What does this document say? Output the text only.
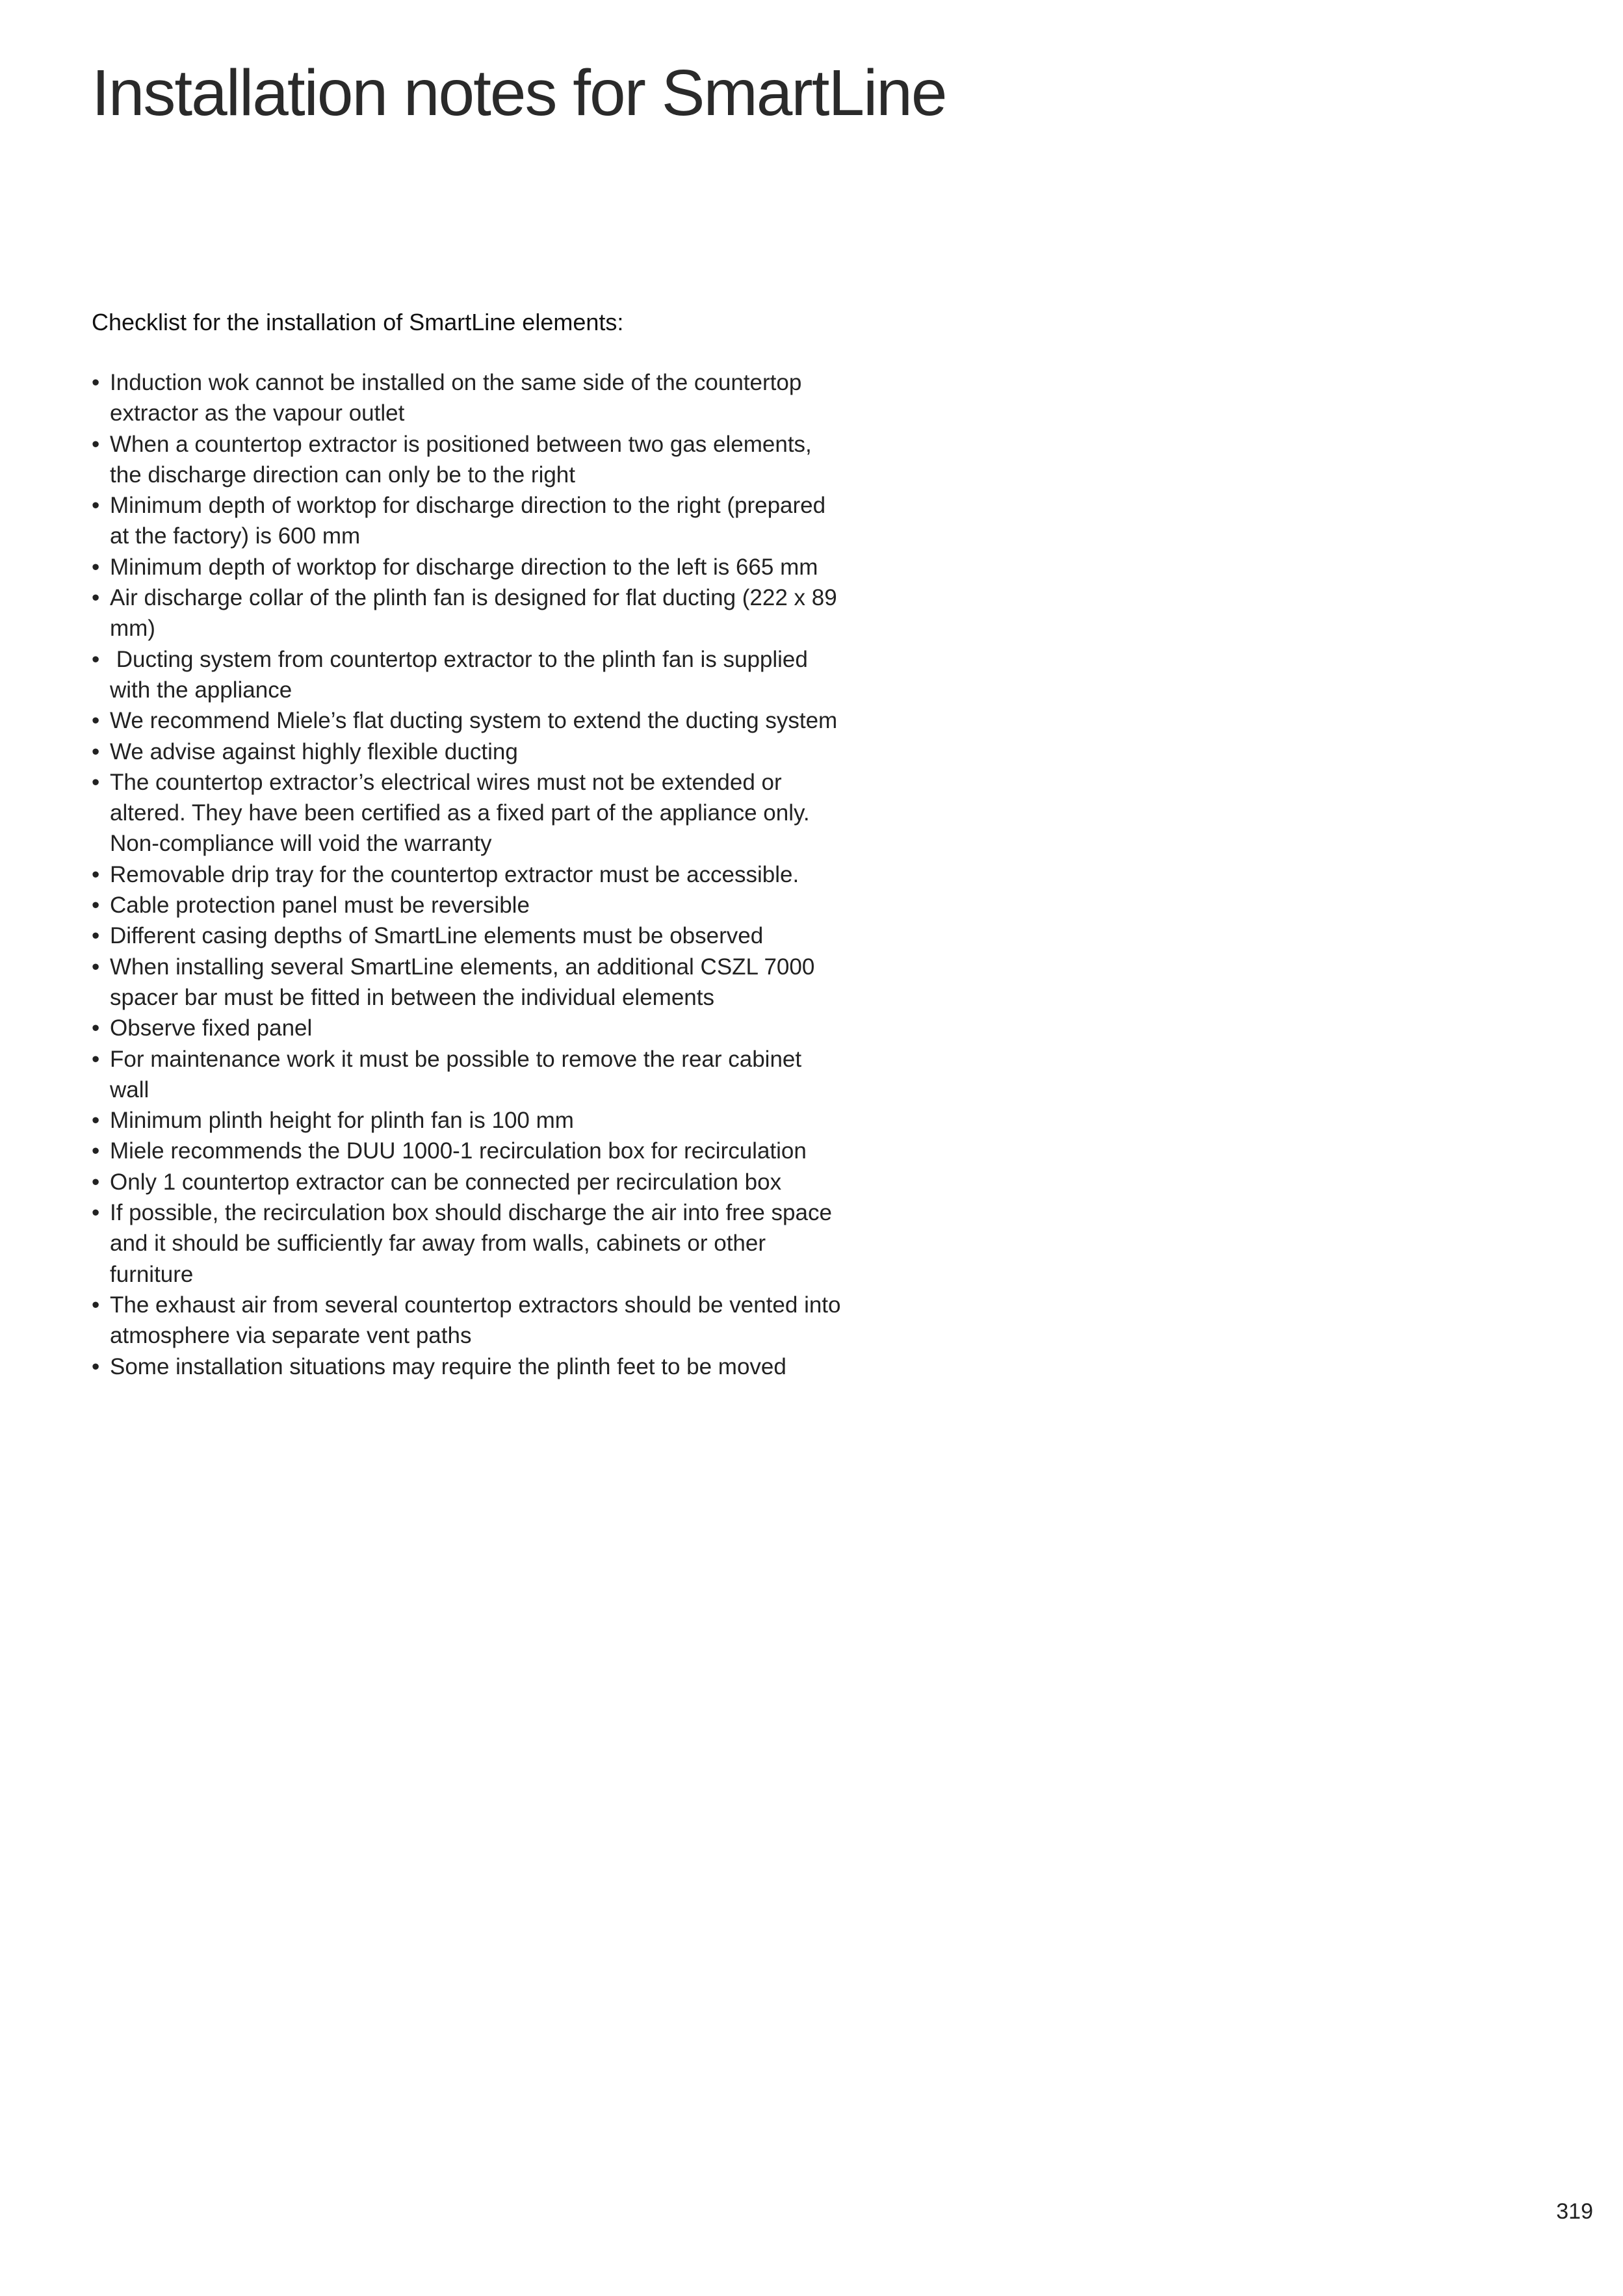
Installation notes for SmartLine
Checklist for the installation of SmartLine elements:
• Induction wok cannot be installed on the same side of the countertop extractor as the vapour outlet
• When a countertop extractor is positioned between two gas elements, the discharge direction can only be to the right
• Minimum depth of worktop for discharge direction to the right (prepared at the factory) is 600 mm
• Minimum depth of worktop for discharge direction to the left is 665 mm
• Air discharge collar of the plinth fan is designed for flat ducting (222 x 89 mm)
• Ducting system from countertop extractor to the plinth fan is supplied with the appliance
• We recommend Miele’s flat ducting system to extend the ducting system
• We advise against highly flexible ducting
• The countertop extractor’s electrical wires must not be extended or altered. They have been certified as a fixed part of the appliance only. Non-compliance will void the warranty
• Removable drip tray for the countertop extractor must be accessible.
• Cable protection panel must be reversible
• Different casing depths of SmartLine elements must be observed
• When installing several SmartLine elements, an additional CSZL 7000 spacer bar must be fitted in between the individual elements
• Observe fixed panel
• For maintenance work it must be possible to remove the rear cabinet wall
• Minimum plinth height for plinth fan is 100 mm
• Miele recommends the DUU 1000-1 recirculation box for recirculation
• Only 1 countertop extractor can be connected per recirculation box
• If possible, the recirculation box should discharge the air into free space and it should be sufficiently far away from walls, cabinets or other furniture
• The exhaust air from several countertop extractors should be vented into atmosphere via separate vent paths
• Some installation situations may require the plinth feet to be moved
319
